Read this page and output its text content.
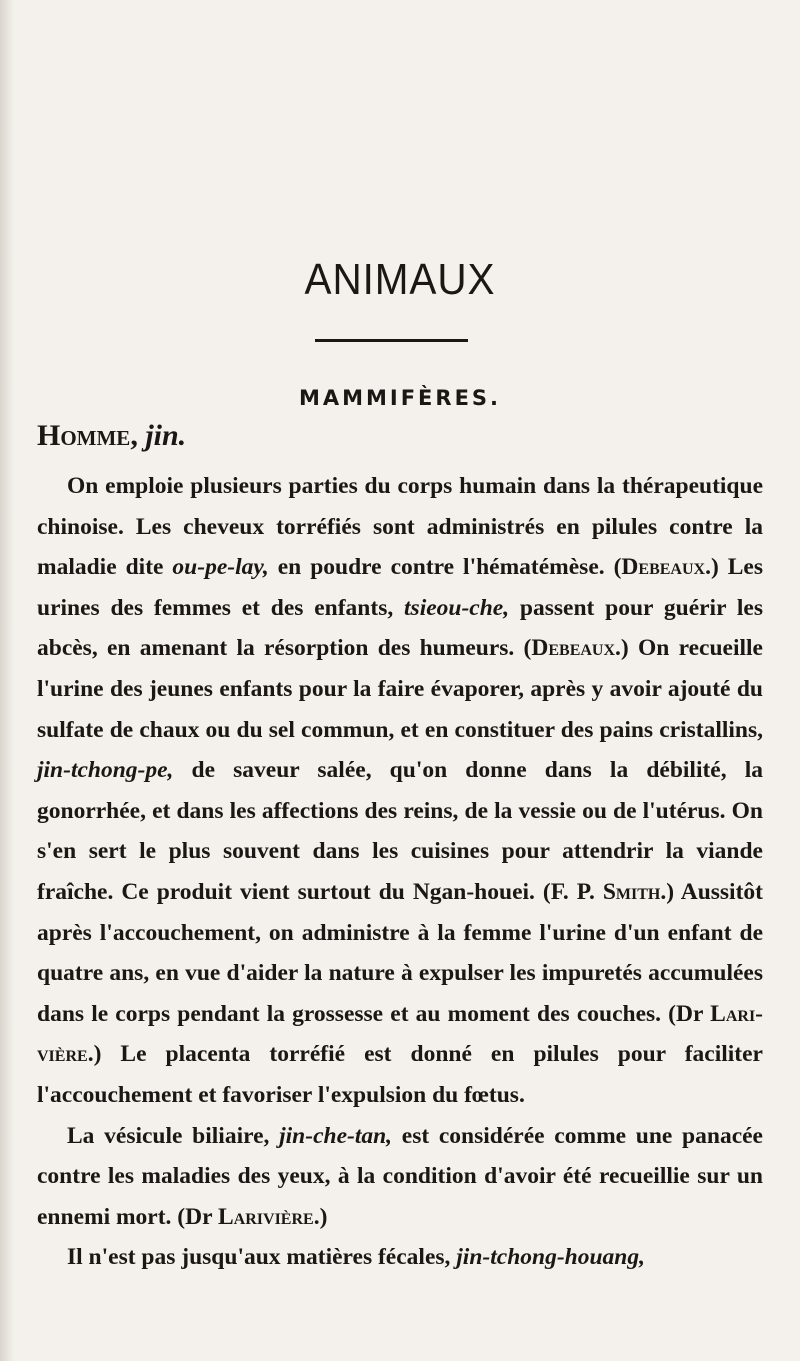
ANIMAUX
MAMMIFÈRES.
Homme, jin.

On emploie plusieurs parties du corps humain dans la thérapeutique chinoise. Les cheveux torréfiés sont administrés en pilules contre la maladie dite ou-pe-lay, en poudre contre l'hématémèse. (Debeaux.) Les urines des femmes et des enfants, tsieou-che, passent pour guérir les abcès, en amenant la résorption des humeurs. (Debeaux.) On recueille l'urine des jeunes enfants pour la faire évaporer, après y avoir ajouté du sulfate de chaux ou du sel commun, et en constituer des pains cristallins, jin-tchong-pe, de saveur salée, qu'on donne dans la débilité, la gonorrhée, et dans les affections des reins, de la vessie ou de l'utérus. On s'en sert le plus souvent dans les cuisines pour attendrir la viande fraîche. Ce produit vient surtout du Ngan-houei. (F. P. Smith.) Aussitôt après l'accouchement, on administre à la femme l'urine d'un enfant de quatre ans, en vue d'aider la nature à expulser les impuretés accumulées dans le corps pendant la grossesse et au moment des couches. (Dr Larivière.) Le placenta torréfié est donné en pilules pour faciliter l'accouchement et favoriser l'expulsion du fœtus.

La vésicule biliaire, jin-che-tan, est considérée comme une panacée contre les maladies des yeux, à la condition d'avoir été recueillie sur un ennemi mort. (Dr Larivière.)

Il n'est pas jusqu'aux matières fécales, jin-tchong-houang,
